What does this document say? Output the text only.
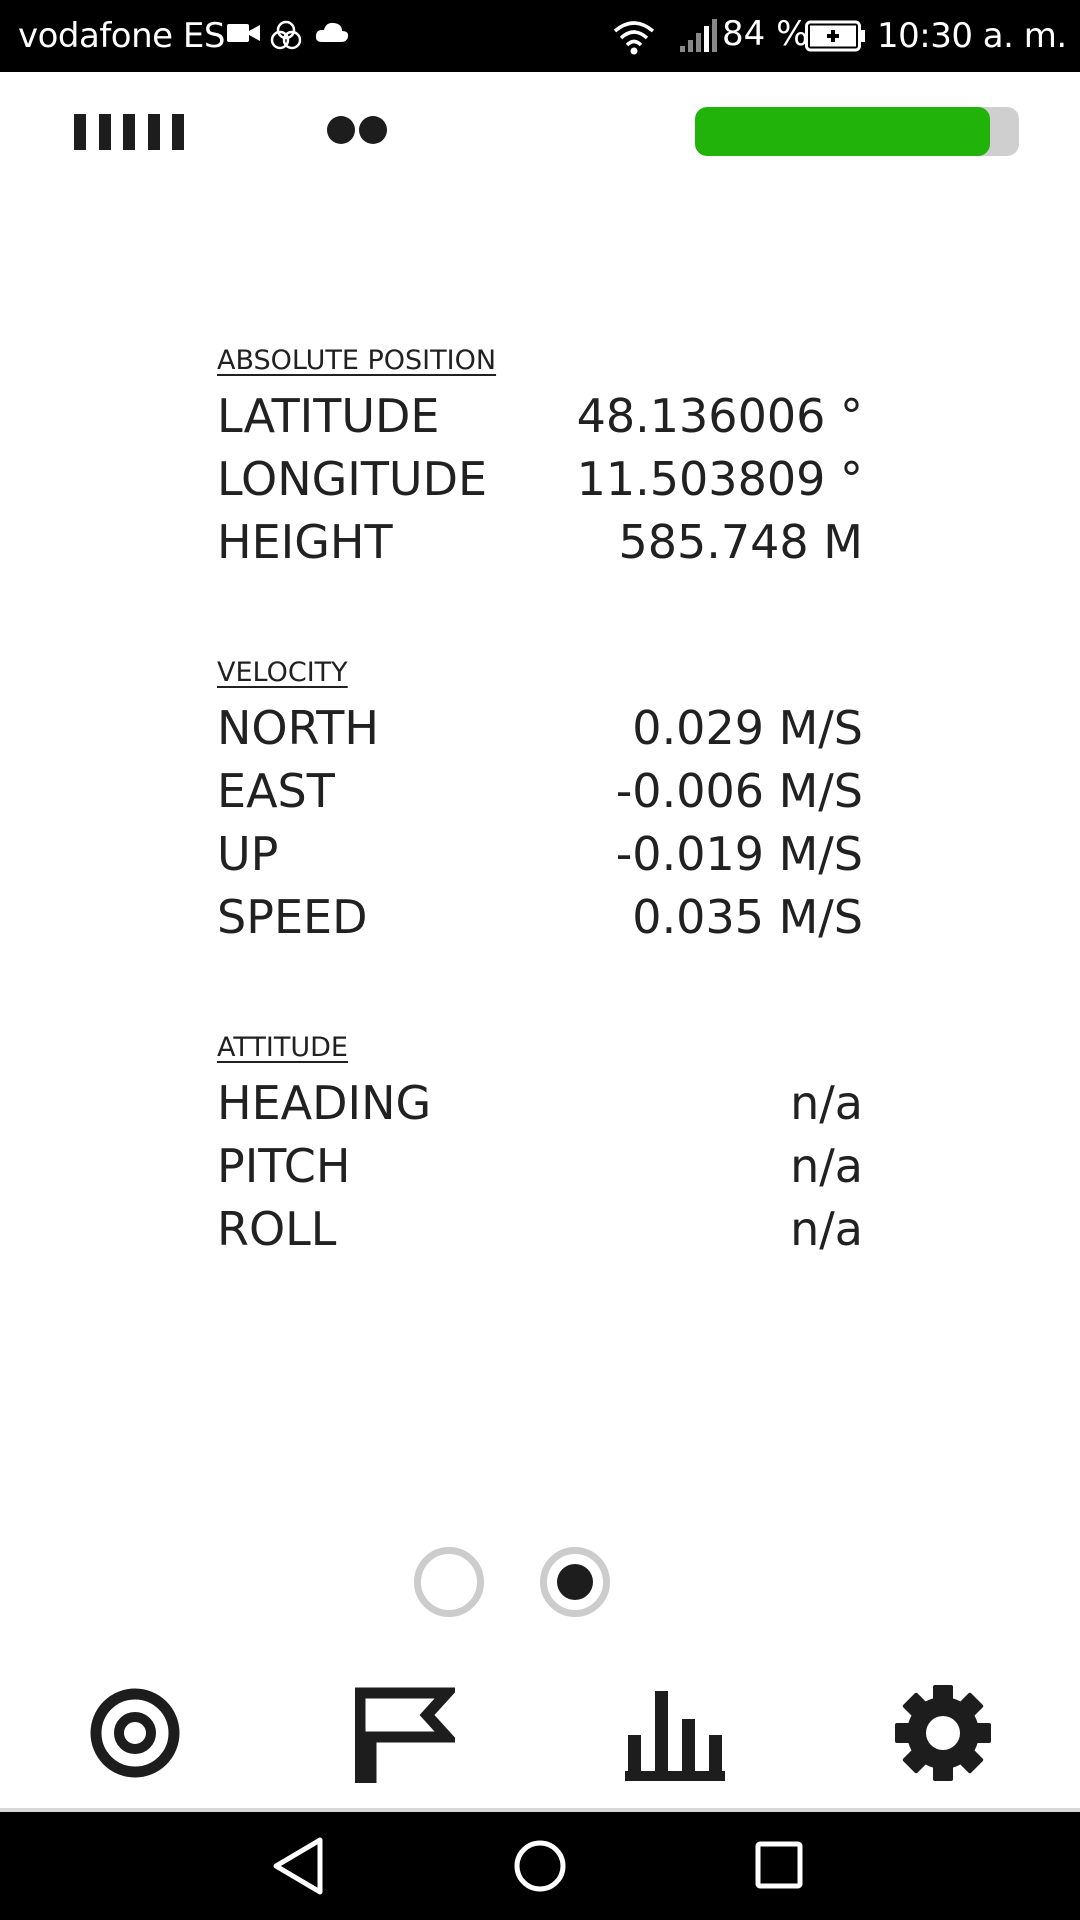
vodafone ES	84 % 10:30 a. m.
ABSOLUTE POSITION
LATITUDE	48.136006 °
LONGITUDE 11.503809 °
HEIGHT	585.748 M
VELOCITY
NORTH	0.029 M/S
EAST	-0.006 M/S
UP	-0.019 M/S
SPEED	0.035 M/S
ATTITUDE
HEADING	n/a
PITCH	n/a
ROLL	n/a
